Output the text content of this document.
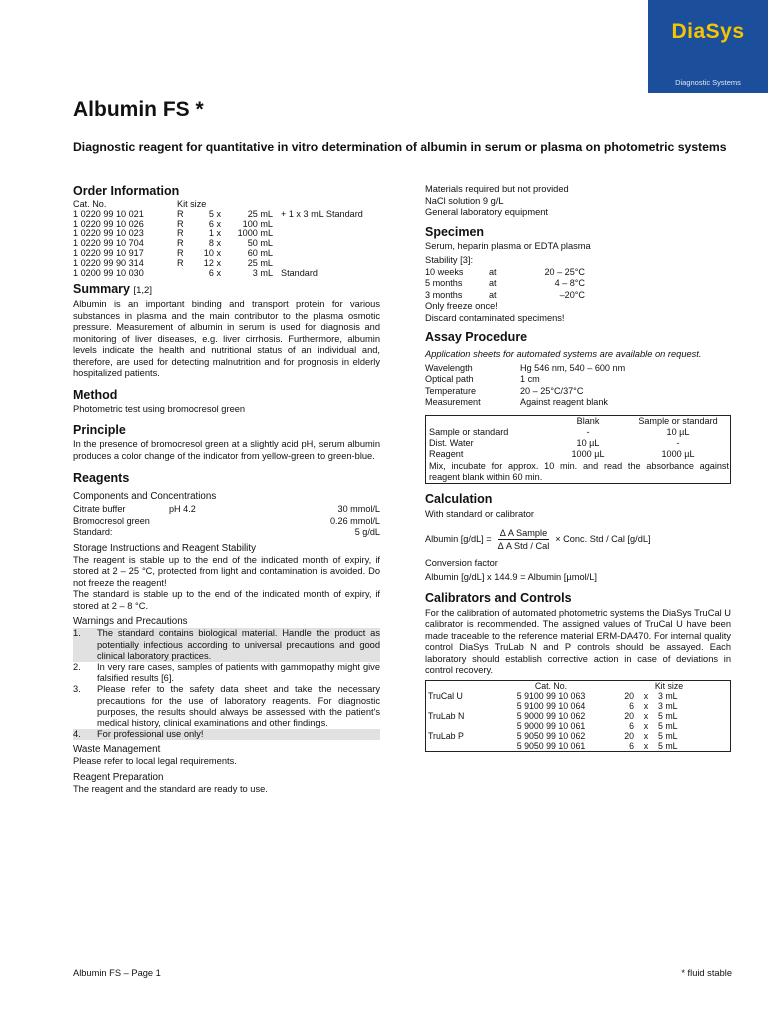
DiaSys
Diagnostic Systems
Albumin FS *

Diagnostic reagent for quantitative in vitro determination of albumin in serum or plasma on photometric systems

Order Information
Cat. No.	Kit size			
1 0220 99 10 021	R	5 x	25 mL	+ 1 x 3 mL Standard
1 0220 99 10 026	R	6 x	100 mL	
1 0220 99 10 023	R	1 x	1000 mL	
1 0220 99 10 704	R	8 x	50 mL	
1 0220 99 10 917	R	10 x	60 mL	
1 0220 99 90 314	R	12 x	25 mL	
1 0200 99 10 030		6 x	3 mL	Standard
Summary [1,2]

Albumin is an important binding and transport protein for various substances in plasma and the main contributor to the plasma osmotic pressure. Measurement of albumin in serum is used for diagnosis and monitoring of liver diseases, e.g. liver cirrhosis. Furthermore, albumin levels indicate the health and nutritional status of an individual and, therefore, are used for detecting malnutrition and for prognosis in elderly hospitalized patients.

Method

Photometric test using bromocresol green

Principle

In the presence of bromocresol green at a slightly acid pH, serum albumin produces a color change of the indicator from yellow-green to green-blue.

Reagents
Components and Concentrations
Citrate buffer	pH 4.2	30 mmol/L
Bromocresol green		0.26 mmol/L
Standard:		5 g/dL
Storage Instructions and Reagent Stability

The reagent is stable up to the end of the indicated month of expiry, if stored at 2 – 25 °C, protected from light and contamination is avoided. Do not freeze the reagent!

The standard is stable up to the end of the indicated month of expiry, if stored at 2 – 8 °C.

Warnings and Precautions
1.	The standard contains biological material. Handle the product as potentially infectious according to universal precautions and good clinical laboratory practices.
2.	In very rare cases, samples of patients with gammopathy might give falsified results [6].
3.	Please refer to the safety data sheet and take the necessary precautions for the use of laboratory reagents. For diagnostic purposes, the results should always be assessed with the patient's medical history, clinical examinations and other findings.
4.	For professional use only!
Waste Management

Please refer to local legal requirements.

Reagent Preparation

The reagent and the standard are ready to use.

Materials required but not provided

NaCl solution 9 g/L

General laboratory equipment

Specimen

Serum, heparin plasma or EDTA plasma

Stability [3]:

10 weeks	at	20 – 25°C
5 months	at	4 – 8°C
3 months	at	–20°C

Only freeze once!

Discard contaminated specimens!

Assay Procedure

Application sheets for automated systems are available on request.

Wavelength	Hg 546 nm, 540 – 600 nm
Optical path	1 cm
Temperature	20 – 25°C/37°C
Measurement	Against reagent blank
	Blank	Sample or standard
Sample or standard	-	10 µL
Dist. Water	10 µL	-
Reagent	1000 µL	1000 µL
Mix, incubate for approx. 10 min. and read the absorbance against reagent blank within 60 min.		
Calculation

With standard or calibrator

Albumin $[g/dL] = \frac{\text{Δ A Sample}}{\text{Δ A Std / Cal}}$ × Conc. Std / Cal [g/dL]

Conversion factor

Albumin [g/dL] x 144.9 = Albumin [µmol/L]

Calibrators and Controls

For the calibration of automated photometric systems the DiaSys TruCal U calibrator is recommended. The assigned values of TruCal U have been made traceable to the reference material ERM-DA470. For internal quality control DiaSys TruLab N and P controls should be assayed. Each laboratory should establish corrective action in case of deviations in control recovery.

	Cat. No.	Kit size		
TruCal U	5 9100 99 10 063	20	x	3 mL
	5 9100 99 10 064	6	x	3 mL
TruLab N	5 9000 99 10 062	20	x	5 mL
	5 9000 99 10 061	6	x	5 mL
TruLab P	5 9050 99 10 062	20	x	5 mL
	5 9050 99 10 061	6	x	5 mL
Albumin FS – Page 1	* fluid stable
